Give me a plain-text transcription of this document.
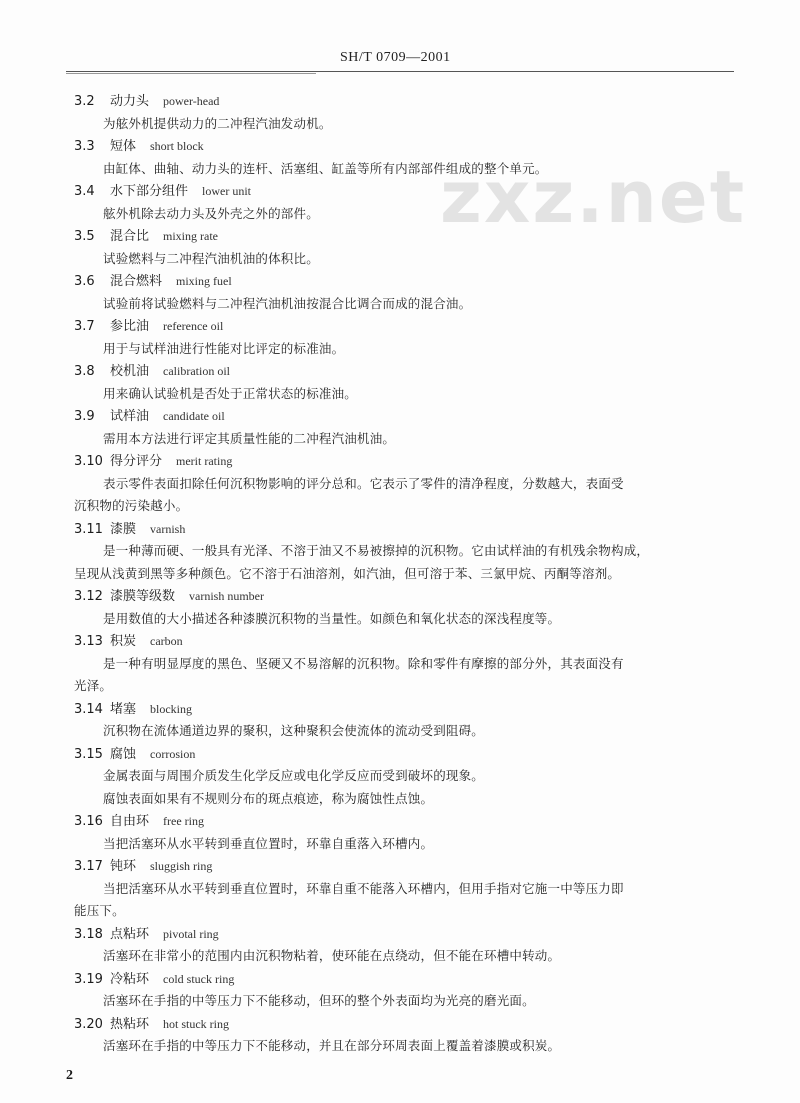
SH/T 0709—2001
zxz.net
3.2 动力头 power-head
为舷外机提供动力的二冲程汽油发动机。
3.3 短体 short block
由缸体、曲轴、动力头的连杆、活塞组、缸盖等所有内部部件组成的整个单元。
3.4 水下部分组件 lower unit
舷外机除去动力头及外壳之外的部件。
3.5 混合比 mixing rate
试验燃料与二冲程汽油机油的体积比。
3.6 混合燃料 mixing fuel
试验前将试验燃料与二冲程汽油机油按混合比调合而成的混合油。
3.7 参比油 reference oil
用于与试样油进行性能对比评定的标准油。
3.8 校机油 calibration oil
用来确认试验机是否处于正常状态的标准油。
3.9 试样油 candidate oil
需用本方法进行评定其质量性能的二冲程汽油机油。
3.10 得分评分 merit rating
表示零件表面扣除任何沉积物影响的评分总和。它表示了零件的清净程度，分数越大，表面受
沉积物的污染越小。
3.11 漆膜 varnish
是一种薄而硬、一般具有光泽、不溶于油又不易被擦掉的沉积物。它由试样油的有机残余物构成，
呈现从浅黄到黑等多种颜色。它不溶于石油溶剂，如汽油，但可溶于苯、三氯甲烷、丙酮等溶剂。
3.12 漆膜等级数 varnish number
是用数值的大小描述各种漆膜沉积物的当量性。如颜色和氧化状态的深浅程度等。
3.13 积炭 carbon
是一种有明显厚度的黑色、坚硬又不易溶解的沉积物。除和零件有摩擦的部分外，其表面没有
光泽。
3.14 堵塞 blocking
沉积物在流体通道边界的聚积，这种聚积会使流体的流动受到阻碍。
3.15 腐蚀 corrosion
金属表面与周围介质发生化学反应或电化学反应而受到破坏的现象。
腐蚀表面如果有不规则分布的斑点痕迹，称为腐蚀性点蚀。
3.16 自由环 free ring
当把活塞环从水平转到垂直位置时，环靠自重落入环槽内。
3.17 钝环 sluggish ring
当把活塞环从水平转到垂直位置时，环靠自重不能落入环槽内，但用手指对它施一中等压力即
能压下。
3.18 点粘环 pivotal ring
活塞环在非常小的范围内由沉积物粘着，使环能在点绕动，但不能在环槽中转动。
3.19 冷粘环 cold stuck ring
活塞环在手指的中等压力下不能移动，但环的整个外表面均为光亮的磨光面。
3.20 热粘环 hot stuck ring
活塞环在手指的中等压力下不能移动，并且在部分环周表面上覆盖着漆膜或积炭。
2
